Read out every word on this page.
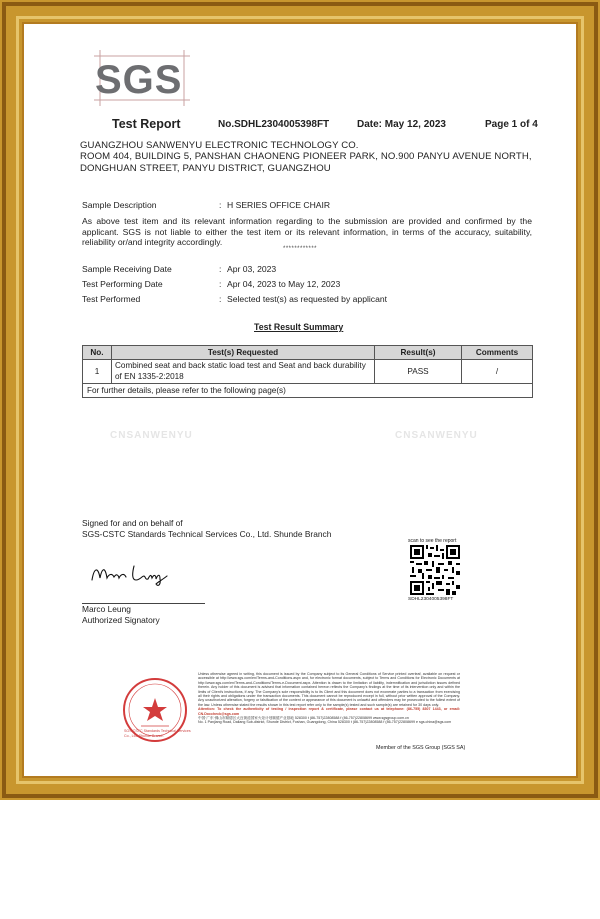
CNSANWENYU	CNSANWENYU
SGS
Test Report	No.SDHL2304005398FT	Date: May 12, 2023	Page 1 of 4
GUANGZHOU SANWENYU ELECTRONIC TECHNOLOGY CO.
ROOM 404, BUILDING 5, PANSHAN CHAONENG PIONEER PARK, NO.900 PANYU AVENUE NORTH,
DONGHUAN STREET, PANYU DISTRICT, GUANGZHOU
Sample Description	: H SERIES OFFICE CHAIR
As above test item and its relevant information regarding to the submission are provided and confirmed by the applicant. SGS is not liable to either the test item or its relevant information, in terms of the accuracy, suitability, reliability or/and integrity accordingly.
************
Sample Receiving Date	: Apr 03, 2023
Test Performing Date	: Apr 04, 2023 to May 12, 2023
Test Performed	: Selected test(s) as requested by applicant
Test Result Summary
No.	Test(s) Requested	Result(s)	Comments
1	Combined seat and back static load test and Seat and back durability of EN 1335-2:2018	PASS	/
For further details, please refer to the following page(s)			
Signed for and on behalf of
SGS-CSTC Standards Technical Services Co., Ltd. Shunde Branch
Marco Leung
Authorized Signatory
scan to see the report
SDHL2304005398FT
SGS-CSTC Standards Technical Services Co., Ltd. Shunde Branch
Unless otherwise agreed in writing, this document is issued by the Company subject to its General Conditions of Service printed overleaf, available on request or accessible at http://www.sgs.com/en/Terms-and-Conditions.aspx and, for electronic format documents, subject to Terms and Conditions for Electronic Documents at http://www.sgs.com/en/Terms-and-Conditions/Terms-e-Document.aspx. Attention is drawn to the limitation of liability, indemnification and jurisdiction issues defined therein. Any holder of this document is advised that information contained hereon reflects the Company's findings at the time of its intervention only and within the limits of Client's instructions, if any. The Company's sole responsibility is to its Client and this document does not exonerate parties to a transaction from exercising all their rights and obligations under the transaction documents. This document cannot be reproduced except in full, without prior written approval of the Company. Any unauthorized alteration, forgery or falsification of the content or appearance of this document is unlawful and offenders may be prosecuted to the fullest extent of the law. Unless otherwise stated the results shown in this test report refer only to the sample(s) tested and such sample(s) are retained for 30 days only.
Attention: To check the authenticity of testing / inspection report & certificate, please contact us at telephone: (86-755) 8307 1443, or email: CN.Doccheck@sgs.com
中国·广东·佛山市顺德区大良街道国家火炬计划顺德产业基地 528300 t (86-757)22808588 f (86-757)22808699 www.sgsgroup.com.cn
No. 1 Panjiang Road, Daliang Sub-district, Shunde District, Foshan, Guangdong, China 528300 t (86-757)22808588 f (86-757)22808699 e sgs.china@sgs.com
Member of the SGS Group (SGS SA)
